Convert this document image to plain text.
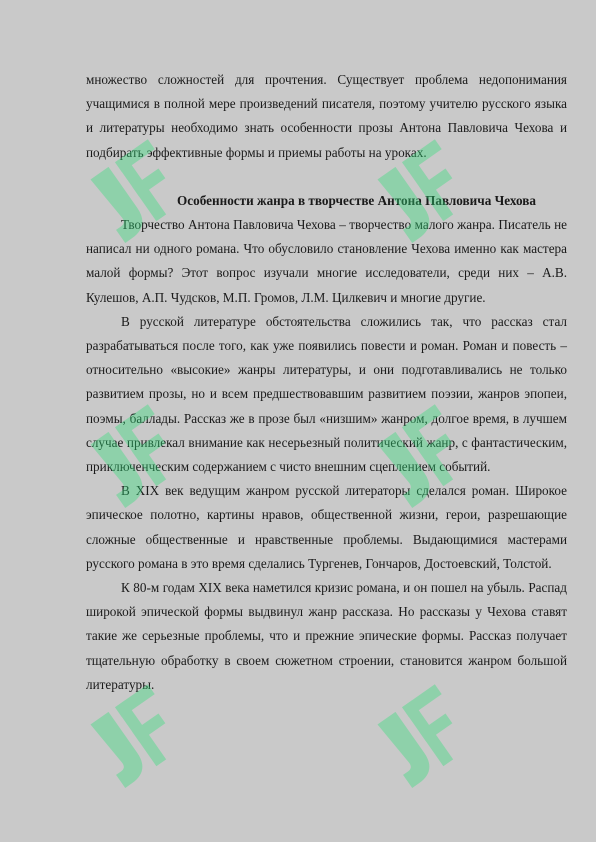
множество сложностей для прочтения. Существует проблема недопонимания учащимися в полной мере произведений писателя, поэтому учителю русского языка и литературы необходимо знать особенности прозы Антона Павловича Чехова и подбирать эффективные формы и приемы работы на уроках.

Особенности жанра в творчестве Антона Павловича Чехова

Творчество Антона Павловича Чехова – творчество малого жанра. Писатель не написал ни одного романа. Что обусловило становление Чехова именно как мастера малой формы? Этот вопрос изучали многие исследователи, среди них – А.В. Кулешов, А.П. Чудсков, М.П. Громов, Л.М. Цилкевич и многие другие.

В русской литературе обстоятельства сложились так, что рассказ стал разрабатываться после того, как уже появились повести и роман. Роман и повесть – относительно «высокие» жанры литературы, и они подготавливались не только развитием прозы, но и всем предшествовавшим развитием поэзии, жанров эпопеи, поэмы, баллады. Рассказ же в прозе был «низшим» жанром, долгое время, в лучшем случае привлекал внимание как несерьезный политический жанр, с фантастическим, приключенческим содержанием с чисто внешним сцеплением событий.

В XIX век ведущим жанром русской литераторы сделался роман. Широкое эпическое полотно, картины нравов, общественной жизни, герои, разрешающие сложные общественные и нравственные проблемы. Выдающимися мастерами русского романа в это время сделались Тургенев, Гончаров, Достоевский, Толстой.

К 80-м годам XIX века наметился кризис романа, и он пошел на убыль. Распад широкой эпической формы выдвинул жанр рассказа. Но рассказы у Чехова ставят такие же серьезные проблемы, что и прежние эпические формы. Рассказ получает тщательную обработку в своем сюжетном строении, становится жанром большой литературы.
